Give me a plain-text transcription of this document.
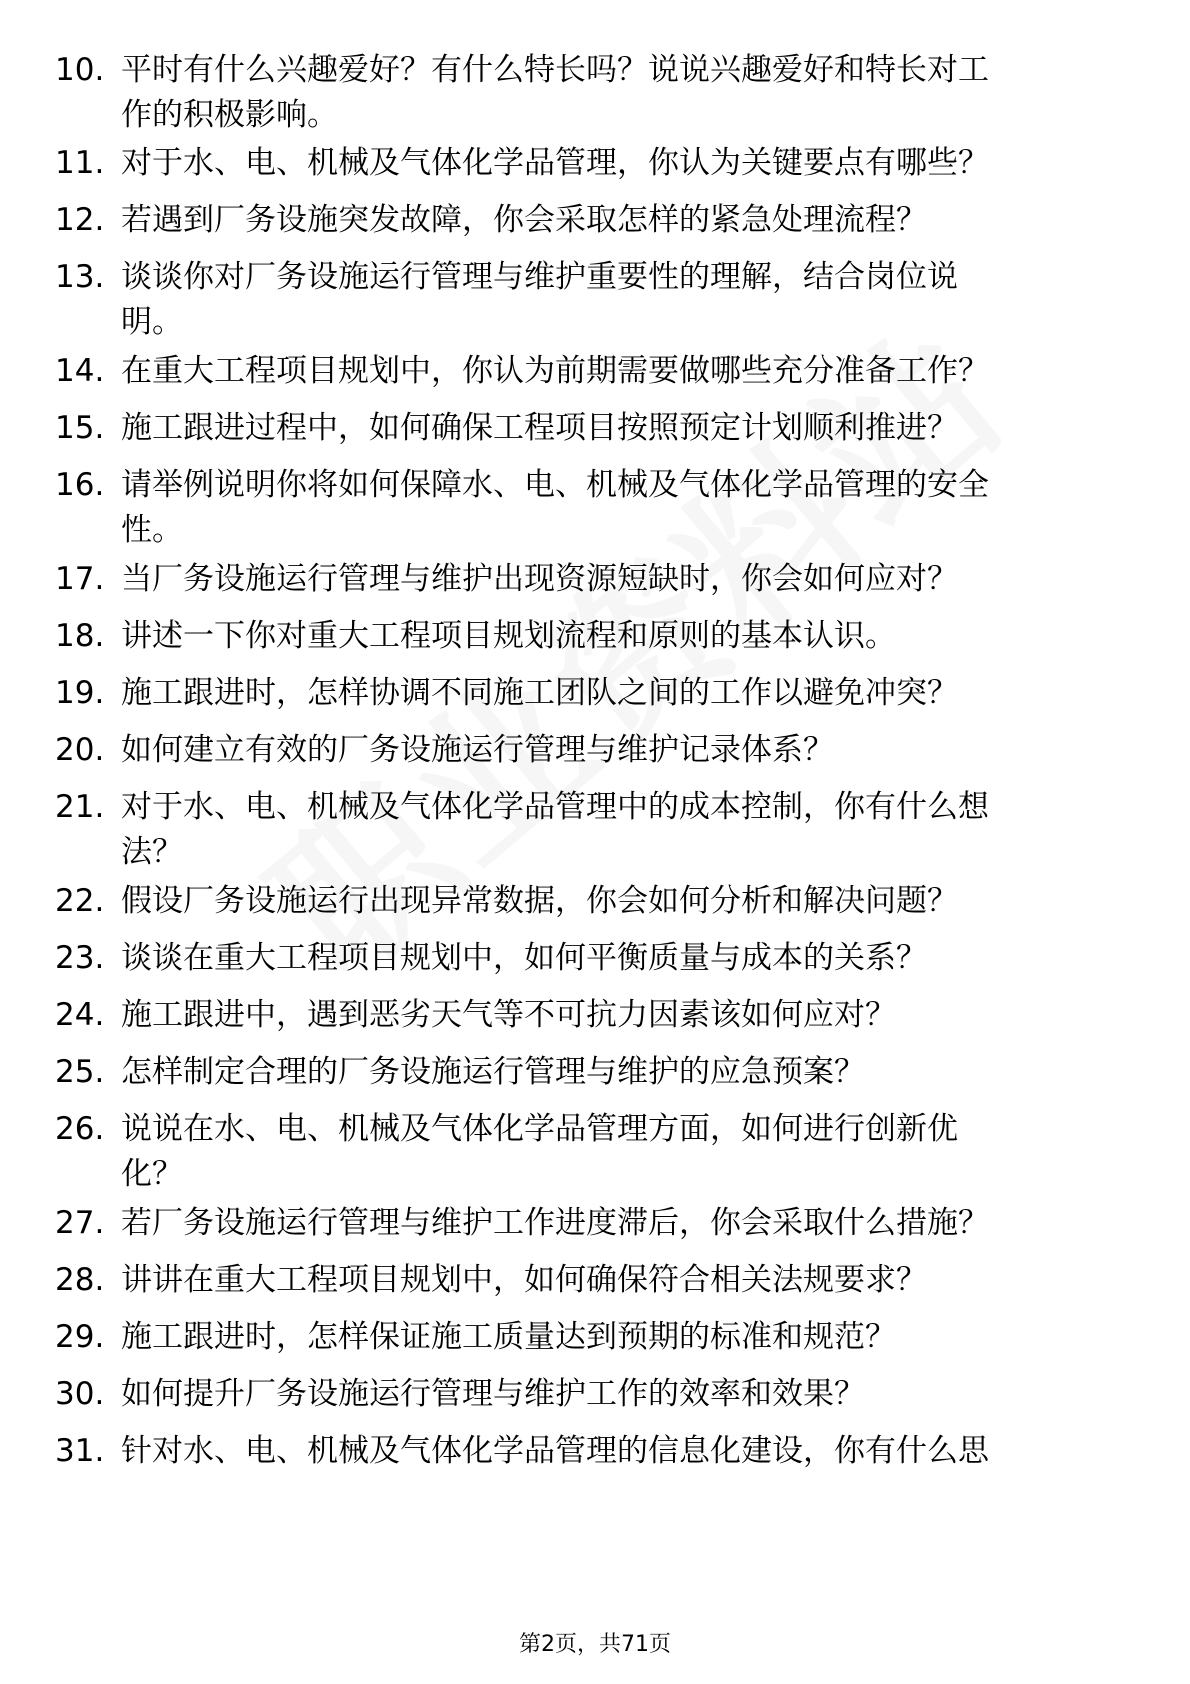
10. 平时有什么兴趣爱好？有什么特长吗？说说兴趣爱好和特长对工
作的积极影响。
11. 对于水、电、机械及气体化学品管理，你认为关键要点有哪些？
12. 若遇到厂务设施突发故障，你会采取怎样的紧急处理流程？
13. 谈谈你对厂务设施运行管理与维护重要性的理解，结合岗位说
明。
14. 在重大工程项目规划中，你认为前期需要做哪些充分准备工作？
15. 施工跟进过程中，如何确保工程项目按照预定计划顺利推进？
16. 请举例说明你将如何保障水、电、机械及气体化学品管理的安全
性。
17. 当厂务设施运行管理与维护出现资源短缺时，你会如何应对？
18. 讲述一下你对重大工程项目规划流程和原则的基本认识。
19. 施工跟进时，怎样协调不同施工团队之间的工作以避免冲突？
20. 如何建立有效的厂务设施运行管理与维护记录体系？
21. 对于水、电、机械及气体化学品管理中的成本控制，你有什么想
法？
22. 假设厂务设施运行出现异常数据，你会如何分析和解决问题？
23. 谈谈在重大工程项目规划中，如何平衡质量与成本的关系？
24. 施工跟进中，遇到恶劣天气等不可抗力因素该如何应对？
25. 怎样制定合理的厂务设施运行管理与维护的应急预案？
26. 说说在水、电、机械及气体化学品管理方面，如何进行创新优
化？
27. 若厂务设施运行管理与维护工作进度滞后，你会采取什么措施？
28. 讲讲在重大工程项目规划中，如何确保符合相关法规要求？
29. 施工跟进时，怎样保证施工质量达到预期的标准和规范？
30. 如何提升厂务设施运行管理与维护工作的效率和效果？
31. 针对水、电、机械及气体化学品管理的信息化建设，你有什么思
第2页，共71页
